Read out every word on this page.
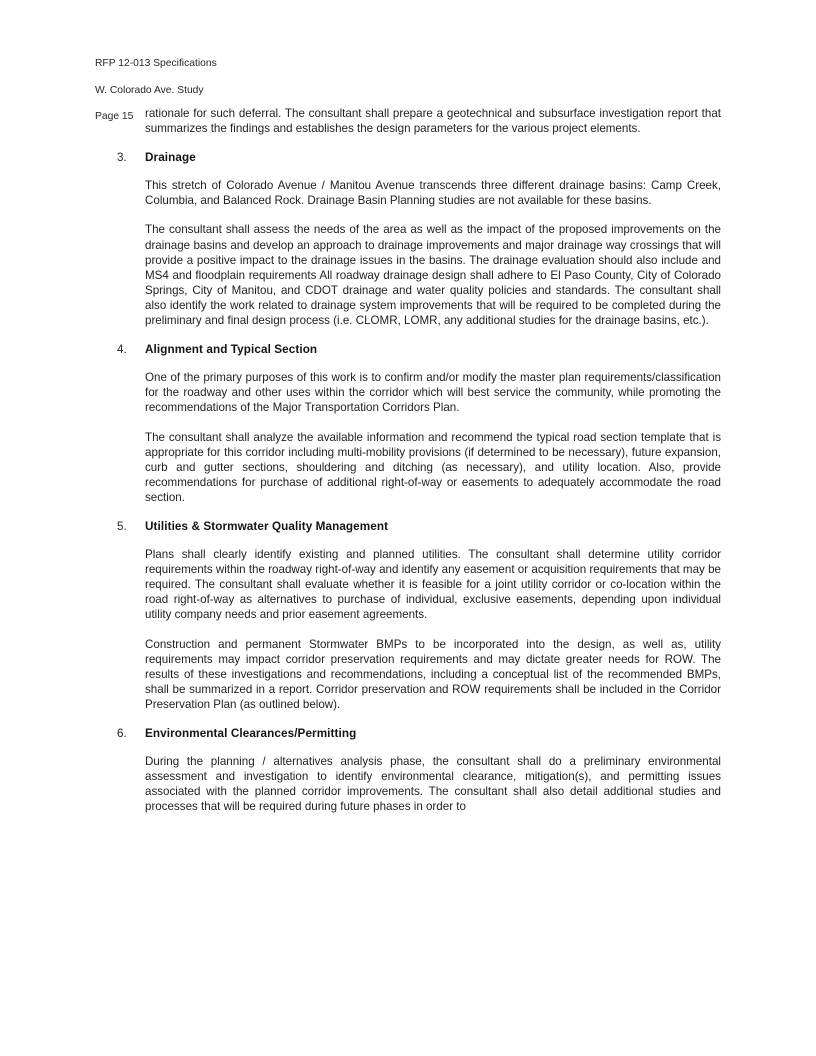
RFP 12-013 Specifications

W. Colorado Ave. Study

Page 15	rationale for such deferral. The consultant shall prepare a geotechnical and subsurface investigation report that summarizes the findings and establishes the design parameters for the various project elements.

3. Drainage

This stretch of Colorado Avenue / Manitou Avenue transcends three different drainage basins: Camp Creek, Columbia, and Balanced Rock. Drainage Basin Planning studies are not available for these basins.

The consultant shall assess the needs of the area as well as the impact of the proposed improvements on the drainage basins and develop an approach to drainage improvements and major drainage way crossings that will provide a positive impact to the drainage issues in the basins. The drainage evaluation should also include and MS4 and floodplain requirements All roadway drainage design shall adhere to El Paso County, City of Colorado Springs, City of Manitou, and CDOT drainage and water quality policies and standards. The consultant shall also identify the work related to drainage system improvements that will be required to be completed during the preliminary and final design process (i.e. CLOMR, LOMR, any additional studies for the drainage basins, etc.).

4. Alignment and Typical Section

One of the primary purposes of this work is to confirm and/or modify the master plan requirements/classification for the roadway and other uses within the corridor which will best service the community, while promoting the recommendations of the Major Transportation Corridors Plan.

The consultant shall analyze the available information and recommend the typical road section template that is appropriate for this corridor including multi-mobility provisions (if determined to be necessary), future expansion, curb and gutter sections, shouldering and ditching (as necessary), and utility location. Also, provide recommendations for purchase of additional right-of-way or easements to adequately accommodate the road section.

5. Utilities & Stormwater Quality Management

Plans shall clearly identify existing and planned utilities. The consultant shall determine utility corridor requirements within the roadway right-of-way and identify any easement or acquisition requirements that may be required. The consultant shall evaluate whether it is feasible for a joint utility corridor or co-location within the road right-of-way as alternatives to purchase of individual, exclusive easements, depending upon individual utility company needs and prior easement agreements.

Construction and permanent Stormwater BMPs to be incorporated into the design, as well as, utility requirements may impact corridor preservation requirements and may dictate greater needs for ROW. The results of these investigations and recommendations, including a conceptual list of the recommended BMPs, shall be summarized in a report. Corridor preservation and ROW requirements shall be included in the Corridor Preservation Plan (as outlined below).

6. Environmental Clearances/Permitting

During the planning / alternatives analysis phase, the consultant shall do a preliminary environmental assessment and investigation to identify environmental clearance, mitigation(s), and permitting issues associated with the planned corridor improvements. The consultant shall also detail additional studies and processes that will be required during future phases in order to
